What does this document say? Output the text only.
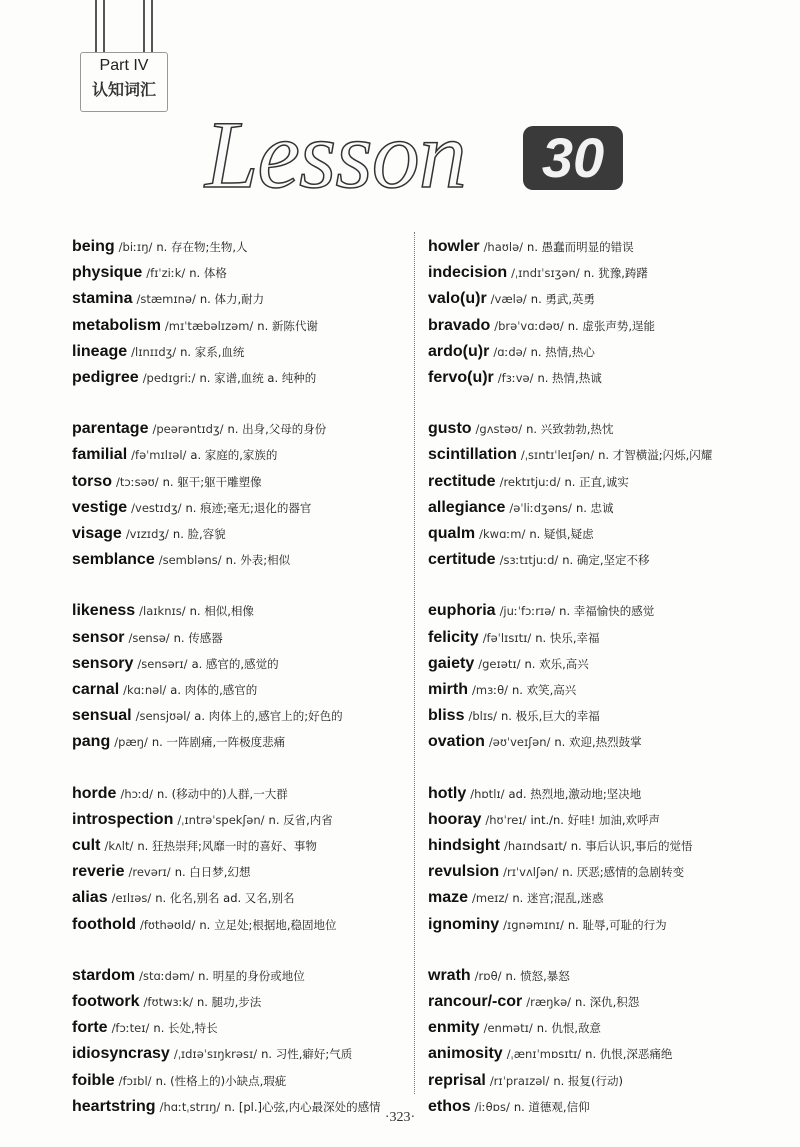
Part IV
认知词汇
Lesson	30
being /biːɪŋ/ n. 存在物;生物,人
physique /fɪˈziːk/ n. 体格
stamina /stæmɪnə/ n. 体力,耐力
metabolism /mɪˈtæbəlɪzəm/ n. 新陈代谢
lineage /lɪnɪɪdʒ/ n. 家系,血统
pedigree /pedɪgriː/ n. 家谱,血统 a. 纯种的
parentage /peərəntɪdʒ/ n. 出身,父母的身份
familial /fəˈmɪlɪəl/ a. 家庭的,家族的
torso /tɔːsəʊ/ n. 躯干;躯干雕塑像
vestige /vestɪdʒ/ n. 痕迹;毫无;退化的器官
visage /vɪzɪdʒ/ n. 脸,容貌
semblance /sembləns/ n. 外表;相似
likeness /laɪknɪs/ n. 相似,相像
sensor /sensə/ n. 传感器
sensory /sensərɪ/ a. 感官的,感觉的
carnal /kɑːnəl/ a. 肉体的,感官的
sensual /sensjʊəl/ a. 肉体上的,感官上的;好色的
pang /pæŋ/ n. 一阵剧痛,一阵极度悲痛
horde /hɔːd/ n. (移动中的)人群,一大群
introspection /ˌɪntrəˈspekʃən/ n. 反省,内省
cult /kʌlt/ n. 狂热崇拜;风靡一时的喜好、事物
reverie /revərɪ/ n. 白日梦,幻想
alias /eɪlɪəs/ n. 化名,别名 ad. 又名,别名
foothold /fʊthəʊld/ n. 立足处;根据地,稳固地位
stardom /stɑːdəm/ n. 明星的身份或地位
footwork /fʊtwɜːk/ n. 腿功,步法
forte /fɔːteɪ/ n. 长处,特长
idiosyncrasy /ˌɪdɪəˈsɪŋkrəsɪ/ n. 习性,癖好;气质
foible /fɔɪbl/ n. (性格上的)小缺点,瑕疵
heartstring /hɑːtˌstrɪŋ/ n. [pl.]心弦,内心最深处的感情
howler /haʊlə/ n. 愚蠢而明显的错误
indecision /ˌɪndɪˈsɪʒən/ n. 犹豫,踌躇
valo(u)r /vælə/ n. 勇武,英勇
bravado /brəˈvɑːdəʊ/ n. 虚张声势,逞能
ardo(u)r /ɑːdə/ n. 热情,热心
fervo(u)r /fɜːvə/ n. 热情,热诚
gusto /gʌstəʊ/ n. 兴致勃勃,热忱
scintillation /ˌsɪntɪˈleɪʃən/ n. 才智横溢;闪烁,闪耀
rectitude /rektɪtjuːd/ n. 正直,诚实
allegiance /əˈliːdʒəns/ n. 忠诚
qualm /kwɑːm/ n. 疑惧,疑虑
certitude /sɜːtɪtjuːd/ n. 确定,坚定不移
euphoria /juːˈfɔːrɪə/ n. 幸福愉快的感觉
felicity /fəˈlɪsɪtɪ/ n. 快乐,幸福
gaiety /geɪətɪ/ n. 欢乐,高兴
mirth /mɜːθ/ n. 欢笑,高兴
bliss /blɪs/ n. 极乐,巨大的幸福
ovation /əʊˈveɪʃən/ n. 欢迎,热烈鼓掌
hotly /hɒtlɪ/ ad. 热烈地,激动地;坚决地
hooray /hʊˈreɪ/ int./n. 好哇! 加油,欢呼声
hindsight /haɪndsaɪt/ n. 事后认识,事后的觉悟
revulsion /rɪˈvʌlʃən/ n. 厌恶;感情的急剧转变
maze /meɪz/ n. 迷宫;混乱,迷惑
ignominy /ɪgnəmɪnɪ/ n. 耻辱,可耻的行为
wrath /rɒθ/ n. 愤怒,暴怒
rancour/-cor /ræŋkə/ n. 深仇,积怨
enmity /enmətɪ/ n. 仇恨,敌意
animosity /ˌænɪˈmɒsɪtɪ/ n. 仇恨,深恶痛绝
reprisal /rɪˈpraɪzəl/ n. 报复(行动)
ethos /iːθɒs/ n. 道德观,信仰
·323·
